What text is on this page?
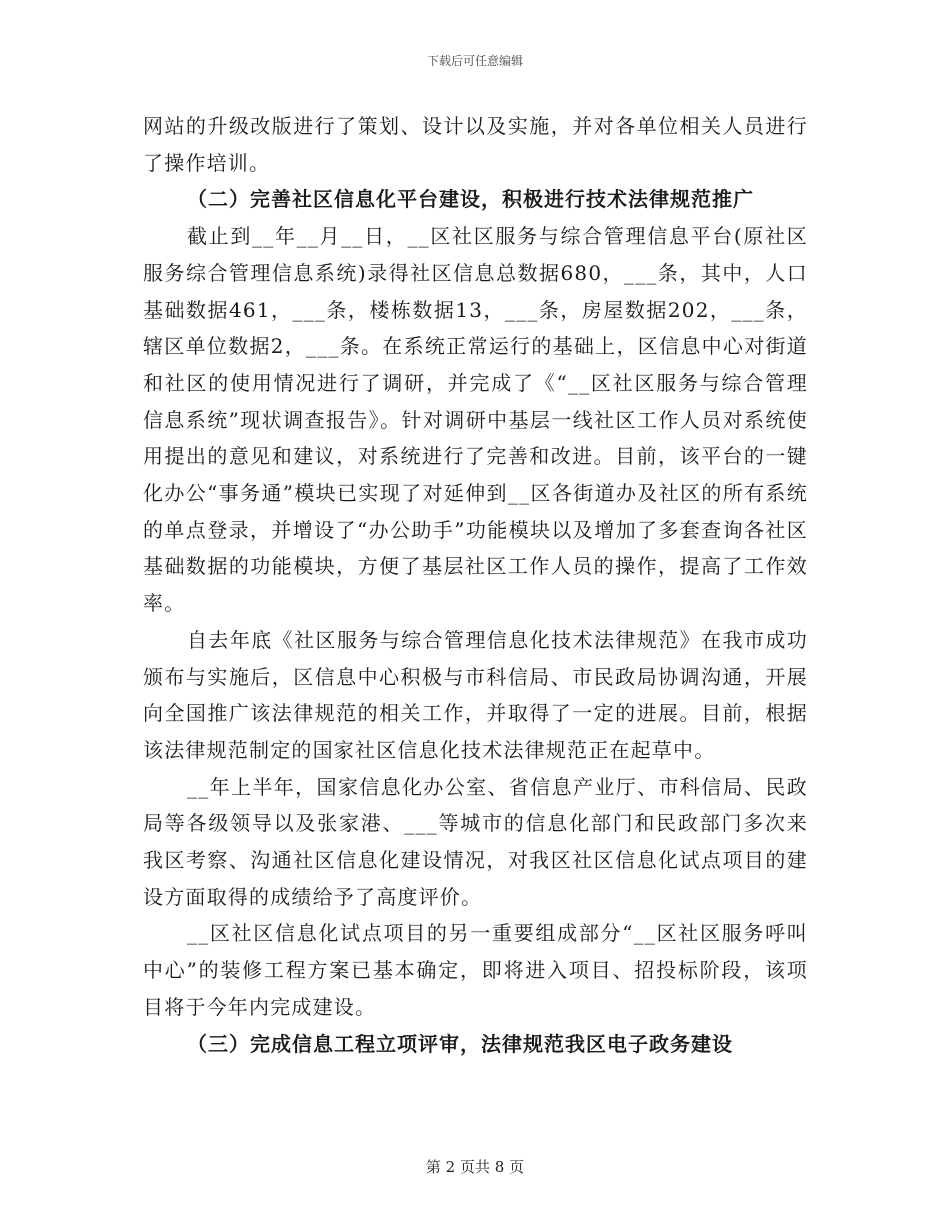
下载后可任意编辑

网站的升级改版进行了策划、设计以及实施，并对各单位相关人员进行了操作培训。

（二）完善社区信息化平台建设，积极进行技术法律规范推广

截止到__年__月__日，__区社区服务与综合管理信息平台(原社区服务综合管理信息系统)录得社区信息总数据680，___条，其中，人口基础数据461，___条，楼栋数据13，___条，房屋数据202，___条，辖区单位数据2，___条。在系统正常运行的基础上，区信息中心对街道和社区的使用情况进行了调研，并完成了《“__区社区服务与综合管理信息系统”现状调查报告》。针对调研中基层一线社区工作人员对系统使用提出的意见和建议，对系统进行了完善和改进。目前，该平台的一键化办公“事务通”模块已实现了对延伸到__区各街道办及社区的所有系统的单点登录，并增设了“办公助手”功能模块以及增加了多套查询各社区基础数据的功能模块，方便了基层社区工作人员的操作，提高了工作效率。

自去年底《社区服务与综合管理信息化技术法律规范》在我市成功颁布与实施后，区信息中心积极与市科信局、市民政局协调沟通，开展向全国推广该法律规范的相关工作，并取得了一定的进展。目前，根据该法律规范制定的国家社区信息化技术法律规范正在起草中。

__年上半年，国家信息化办公室、省信息产业厅、市科信局、民政局等各级领导以及张家港、___等城市的信息化部门和民政部门多次来我区考察、沟通社区信息化建设情况，对我区社区信息化试点项目的建设方面取得的成绩给予了高度评价。

__区社区信息化试点项目的另一重要组成部分“__区社区服务呼叫中心”的装修工程方案已基本确定，即将进入项目、招投标阶段，该项目将于今年内完成建设。

（三）完成信息工程立项评审，法律规范我区电子政务建设

第 2 页共 8 页
